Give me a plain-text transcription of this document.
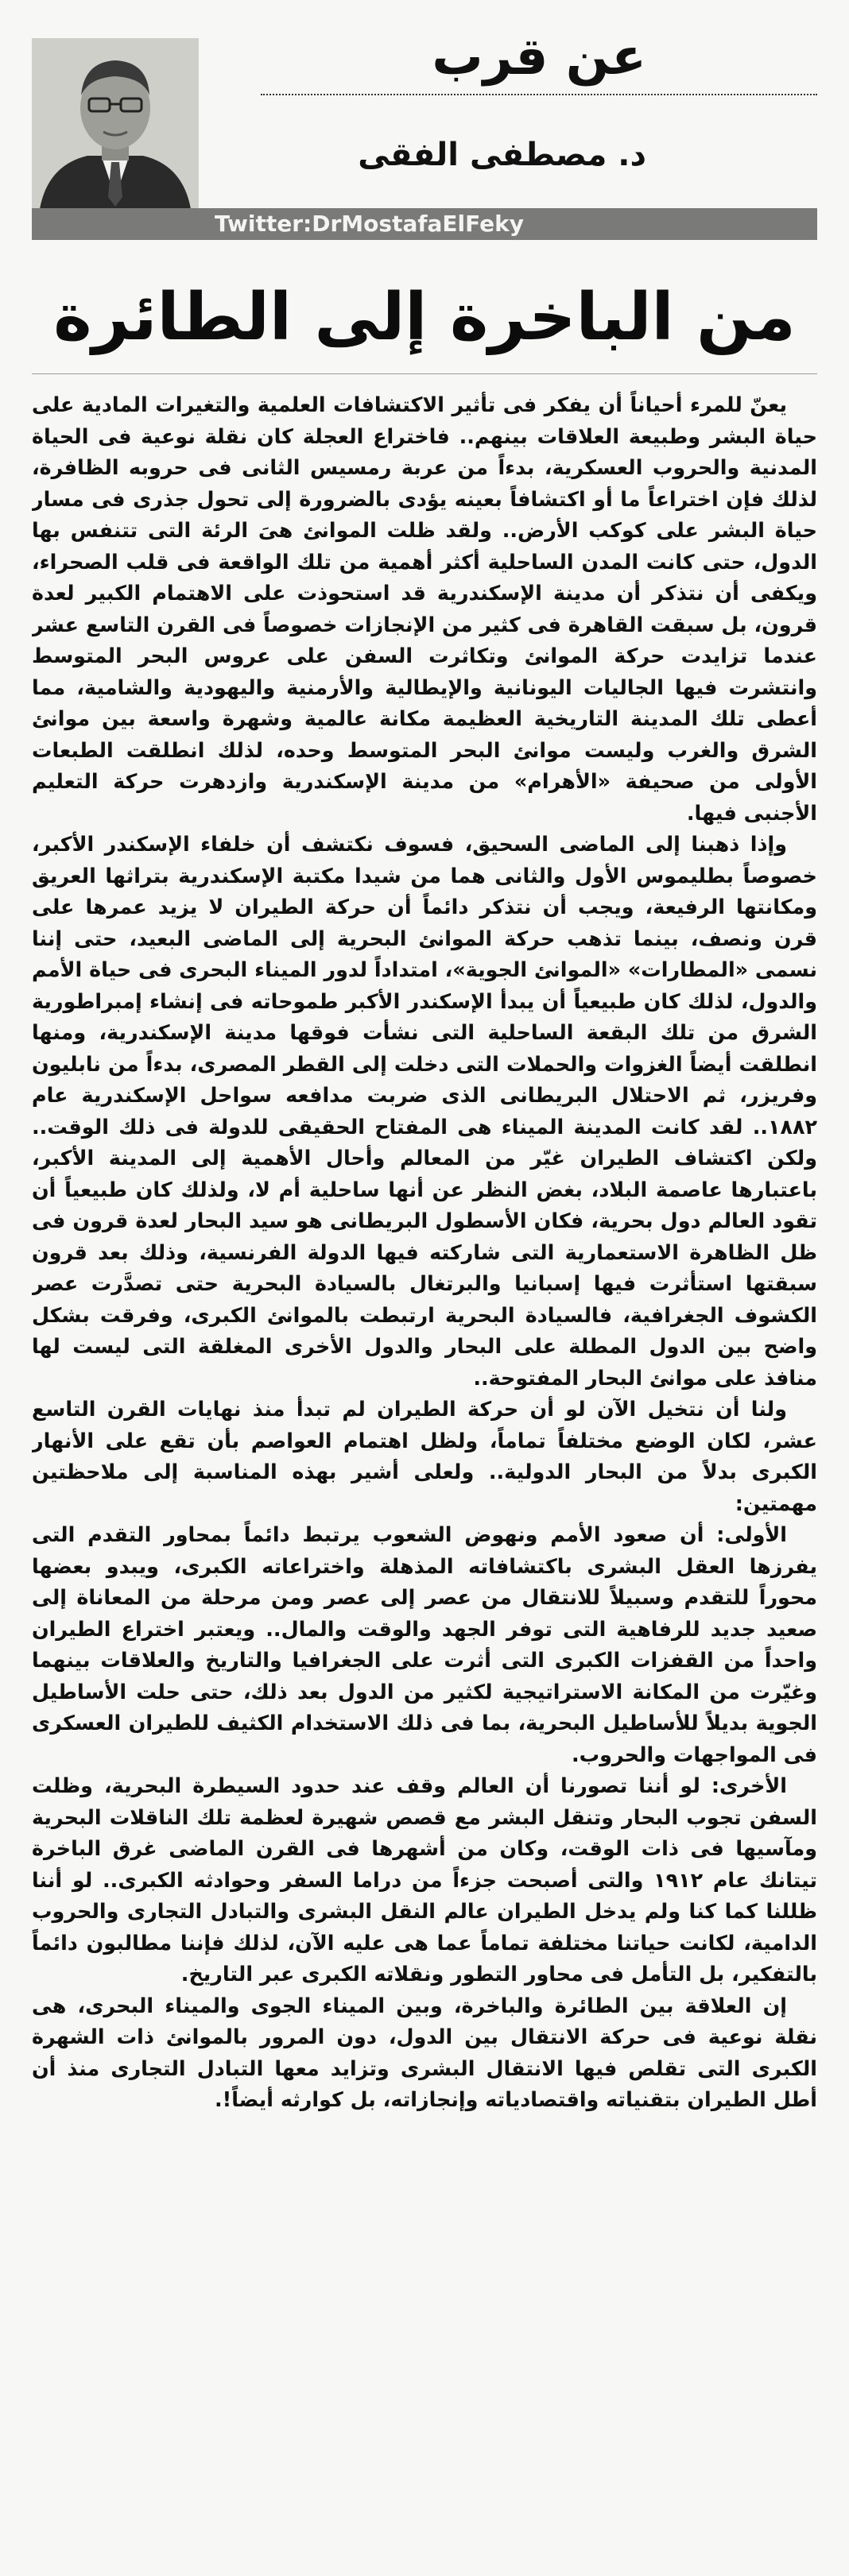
عن قرب
د. مصطفى الفقى
Twitter:DrMostafaElFeky
من الباخرة إلى الطائرة

يعنّ للمرء أحياناً أن يفكر فى تأثير الاكتشافات العلمية والتغيرات المادية على حياة البشر وطبيعة العلاقات بينهم.. فاختراع العجلة كان نقلة نوعية فى الحياة المدنية والحروب العسكرية، بدءاً من عربة رمسيس الثانى فى حروبه الظافرة، لذلك فإن اختراعاً ما أو اكتشافاً بعينه يؤدى بالضرورة إلى تحول جذرى فى مسار حياة البشر على كوكب الأرض.. ولقد ظلت الموانئ هىَ الرئة التى تتنفس بها الدول، حتى كانت المدن الساحلية أكثر أهمية من تلك الواقعة فى قلب الصحراء، ويكفى أن نتذكر أن مدينة الإسكندرية قد استحوذت على الاهتمام الكبير لعدة قرون، بل سبقت القاهرة فى كثير من الإنجازات خصوصاً فى القرن التاسع عشر عندما تزايدت حركة الموانئ وتكاثرت السفن على عروس البحر المتوسط وانتشرت فيها الجاليات اليونانية والإيطالية والأرمنية واليهودية والشامية، مما أعطى تلك المدينة التاريخية العظيمة مكانة عالمية وشهرة واسعة بين موانئ الشرق والغرب وليست موانئ البحر المتوسط وحده، لذلك انطلقت الطبعات الأولى من صحيفة «الأهرام» من مدينة الإسكندرية وازدهرت حركة التعليم الأجنبى فيها.

وإذا ذهبنا إلى الماضى السحيق، فسوف نكتشف أن خلفاء الإسكندر الأكبر، خصوصاً بطليموس الأول والثانى هما من شيدا مكتبة الإسكندرية بتراثها العريق ومكانتها الرفيعة، ويجب أن نتذكر دائماً أن حركة الطيران لا يزيد عمرها على قرن ونصف، بينما تذهب حركة الموانئ البحرية إلى الماضى البعيد، حتى إننا نسمى «المطارات» «الموانئ الجوية»، امتداداً لدور الميناء البحرى فى حياة الأمم والدول، لذلك كان طبيعياً أن يبدأ الإسكندر الأكبر طموحاته فى إنشاء إمبراطورية الشرق من تلك البقعة الساحلية التى نشأت فوقها مدينة الإسكندرية، ومنها انطلقت أيضاً الغزوات والحملات التى دخلت إلى القطر المصرى، بدءاً من نابليون وفريزر، ثم الاحتلال البريطانى الذى ضربت مدافعه سواحل الإسكندرية عام ١٨٨٢.. لقد كانت المدينة الميناء هى المفتاح الحقيقى للدولة فى ذلك الوقت.. ولكن اكتشاف الطيران غيّر من المعالم وأحال الأهمية إلى المدينة الأكبر، باعتبارها عاصمة البلاد، بغض النظر عن أنها ساحلية أم لا، ولذلك كان طبيعياً أن تقود العالم دول بحرية، فكان الأسطول البريطانى هو سيد البحار لعدة قرون فى ظل الظاهرة الاستعمارية التى شاركته فيها الدولة الفرنسية، وذلك بعد قرون سبقتها استأثرت فيها إسبانيا والبرتغال بالسيادة البحرية حتى تصدَّرت عصر الكشوف الجغرافية، فالسيادة البحرية ارتبطت بالموانئ الكبرى، وفرقت بشكل واضح بين الدول المطلة على البحار والدول الأخرى المغلقة التى ليست لها منافذ على موانئ البحار المفتوحة..

ولنا أن نتخيل الآن لو أن حركة الطيران لم تبدأ منذ نهايات القرن التاسع عشر، لكان الوضع مختلفاً تماماً، ولظل اهتمام العواصم بأن تقع على الأنهار الكبرى بدلاً من البحار الدولية.. ولعلى أشير بهذه المناسبة إلى ملاحظتين مهمتين:

الأولى: أن صعود الأمم ونهوض الشعوب يرتبط دائماً بمحاور التقدم التى يفرزها العقل البشرى باكتشافاته المذهلة واختراعاته الكبرى، ويبدو بعضها محوراً للتقدم وسبيلاً للانتقال من عصر إلى عصر ومن مرحلة من المعاناة إلى صعيد جديد للرفاهية التى توفر الجهد والوقت والمال.. ويعتبر اختراع الطيران واحداً من القفزات الكبرى التى أثرت على الجغرافيا والتاريخ والعلاقات بينهما وغيّرت من المكانة الاستراتيجية لكثير من الدول بعد ذلك، حتى حلت الأساطيل الجوية بديلاً للأساطيل البحرية، بما فى ذلك الاستخدام الكثيف للطيران العسكرى فى المواجهات والحروب.

الأخرى: لو أننا تصورنا أن العالم وقف عند حدود السيطرة البحرية، وظلت السفن تجوب البحار وتنقل البشر مع قصص شهيرة لعظمة تلك الناقلات البحرية ومآسيها فى ذات الوقت، وكان من أشهرها فى القرن الماضى غرق الباخرة تيتانك عام ١٩١٢ والتى أصبحت جزءاً من دراما السفر وحوادثه الكبرى.. لو أننا ظللنا كما كنا ولم يدخل الطيران عالم النقل البشرى والتبادل التجارى والحروب الدامية، لكانت حياتنا مختلفة تماماً عما هى عليه الآن، لذلك فإننا مطالبون دائماً بالتفكير، بل التأمل فى محاور التطور ونقلاته الكبرى عبر التاريخ.

إن العلاقة بين الطائرة والباخرة، وبين الميناء الجوى والميناء البحرى، هى نقلة نوعية فى حركة الانتقال بين الدول، دون المرور بالموانئ ذات الشهرة الكبرى التى تقلص فيها الانتقال البشرى وتزايد معها التبادل التجارى منذ أن أطل الطيران بتقنياته واقتصادياته وإنجازاته، بل كوارثه أيضاً!.
